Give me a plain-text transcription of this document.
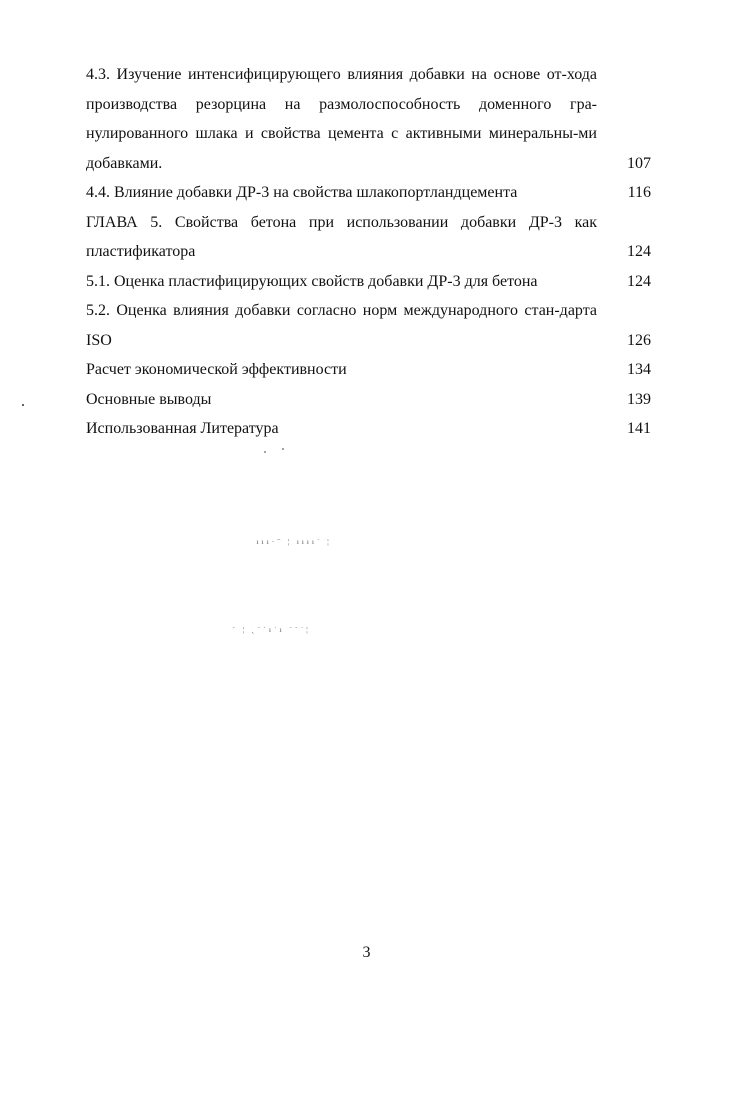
4.3. Изучение интенсифицирующего влияния добавки на основе от-хода производства резорцина на размолоспособность доменного гра-нулированного шлака и свойства цемента с активными минеральны-ми добавками.	107
4.4. Влияние добавки ДР-3 на свойства шлакопортландцемента	116
ГЛАВА 5. Свойства бетона при использовании добавки ДР-3 как пластификатора	124
5.1. Оценка пластифицирующих свойств добавки ДР-3 для бетона	124
5.2. Оценка влияния добавки согласно норм международного стан-дарта ISO	126
Расчет экономической эффективности	134
Основные выводы	139
Использованная Литература	141
ııı·ˆ ¦ ıııı˙ ¦
ˋ ¦ ˛ˋˈıˈı ˋˋˈ¦
3
